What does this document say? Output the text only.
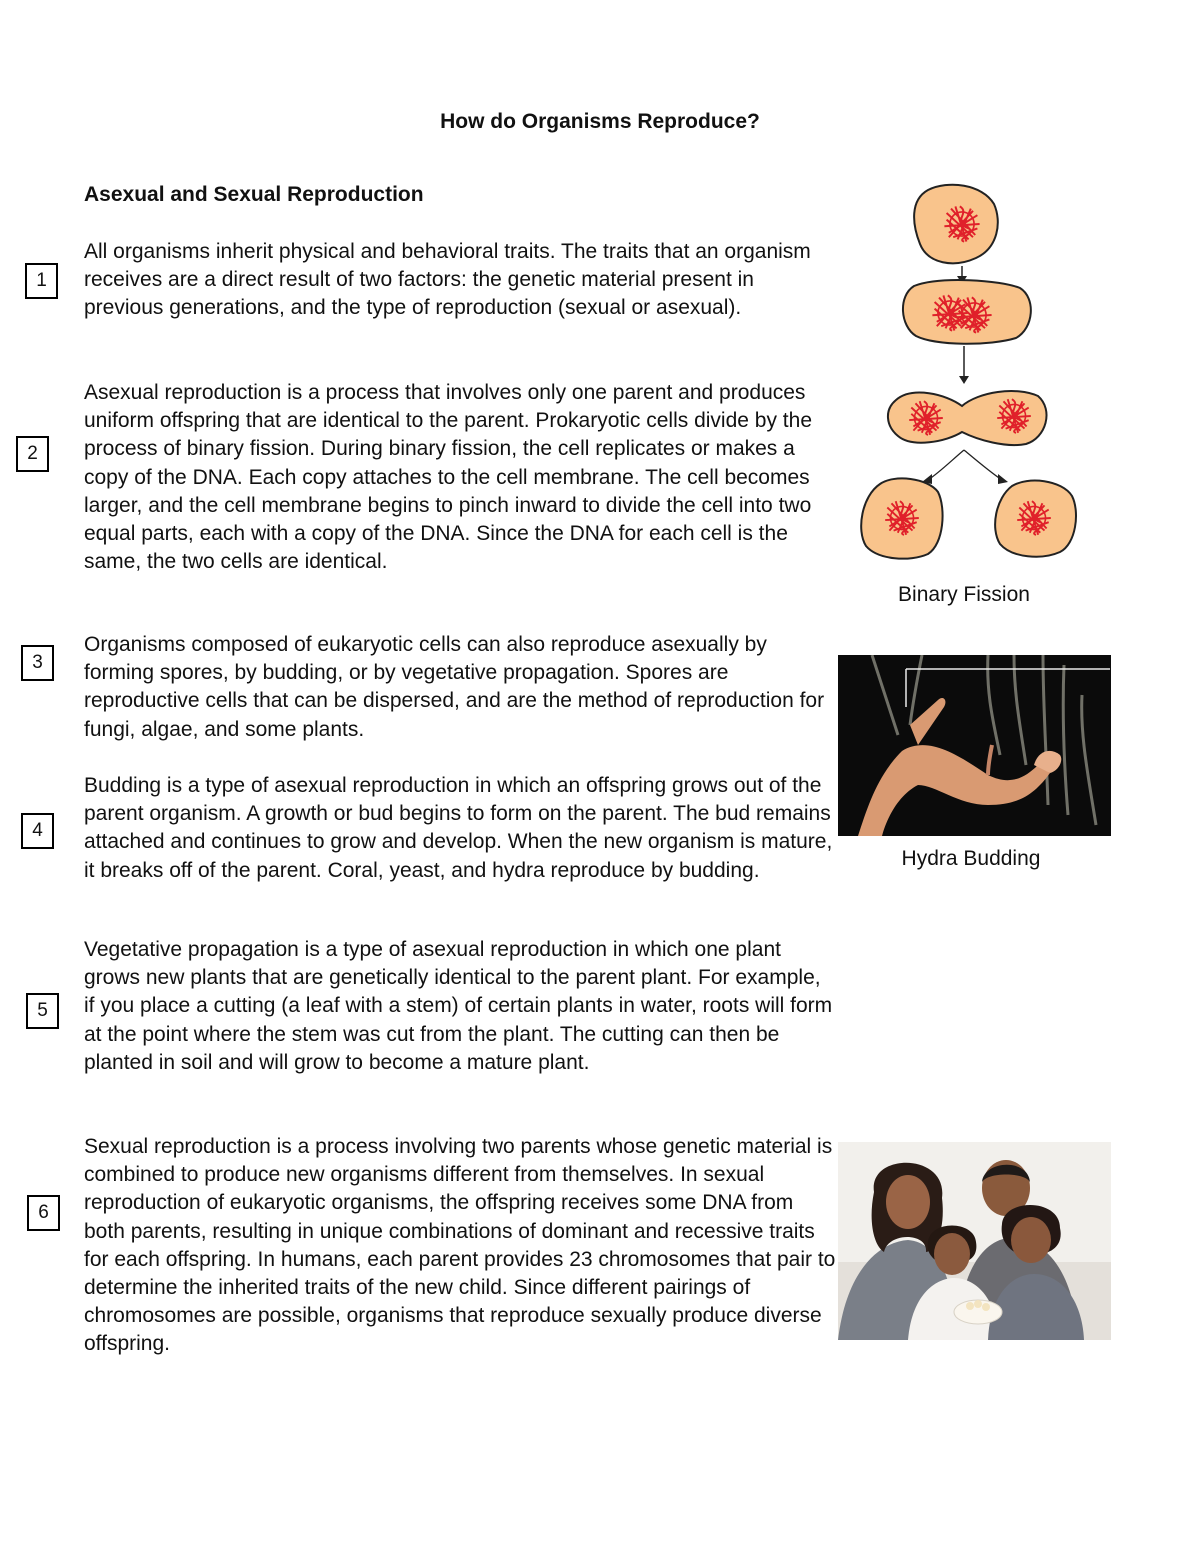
How do Organisms Reproduce?
Asexual and Sexual Reproduction
1
2
3
4
5
6

All organisms inherit physical and behavioral traits. The traits that an organism receives are a direct result of two factors: the genetic material present in previous generations, and the type of reproduction (sexual or asexual).

Asexual reproduction is a process that involves only one parent and produces uniform offspring that are identical to the parent. Prokaryotic cells divide by the process of binary fission. During binary fission, the cell replicates or makes a copy of the DNA. Each copy attaches to the cell membrane. The cell becomes larger, and the cell membrane begins to pinch inward to divide the cell into two equal parts, each with a copy of the DNA. Since the DNA for each cell is the same, the two cells are identical.

Organisms composed of eukaryotic cells can also reproduce asexually by forming spores, by budding, or by vegetative propagation. Spores are reproductive cells that can be dispersed, and are the method of reproduction for fungi, algae, and some plants.

Budding is a type of asexual reproduction in which an offspring grows out of the parent organism. A growth or bud begins to form on the parent. The bud remains attached and continues to grow and develop. When the new organism is mature, it breaks off of the parent. Coral, yeast, and hydra reproduce by budding.

Vegetative propagation is a type of asexual reproduction in which one plant grows new plants that are genetically identical to the parent plant. For example, if you place a cutting (a leaf with a stem) of certain plants in water, roots will form at the point where the stem was cut from the plant. The cutting can then be planted in soil and will grow to become a mature plant.

Sexual reproduction is a process involving two parents whose genetic material is combined to produce new organisms different from themselves. In sexual reproduction of eukaryotic organisms, the offspring receives some DNA from both parents, resulting in unique combinations of dominant and recessive traits for each offspring. In humans, each parent provides 23 chromosomes that pair to determine the inherited traits of the new child. Since different pairings of chromosomes are possible, organisms that reproduce sexually produce diverse offspring.

Binary Fission

Hydra Budding
